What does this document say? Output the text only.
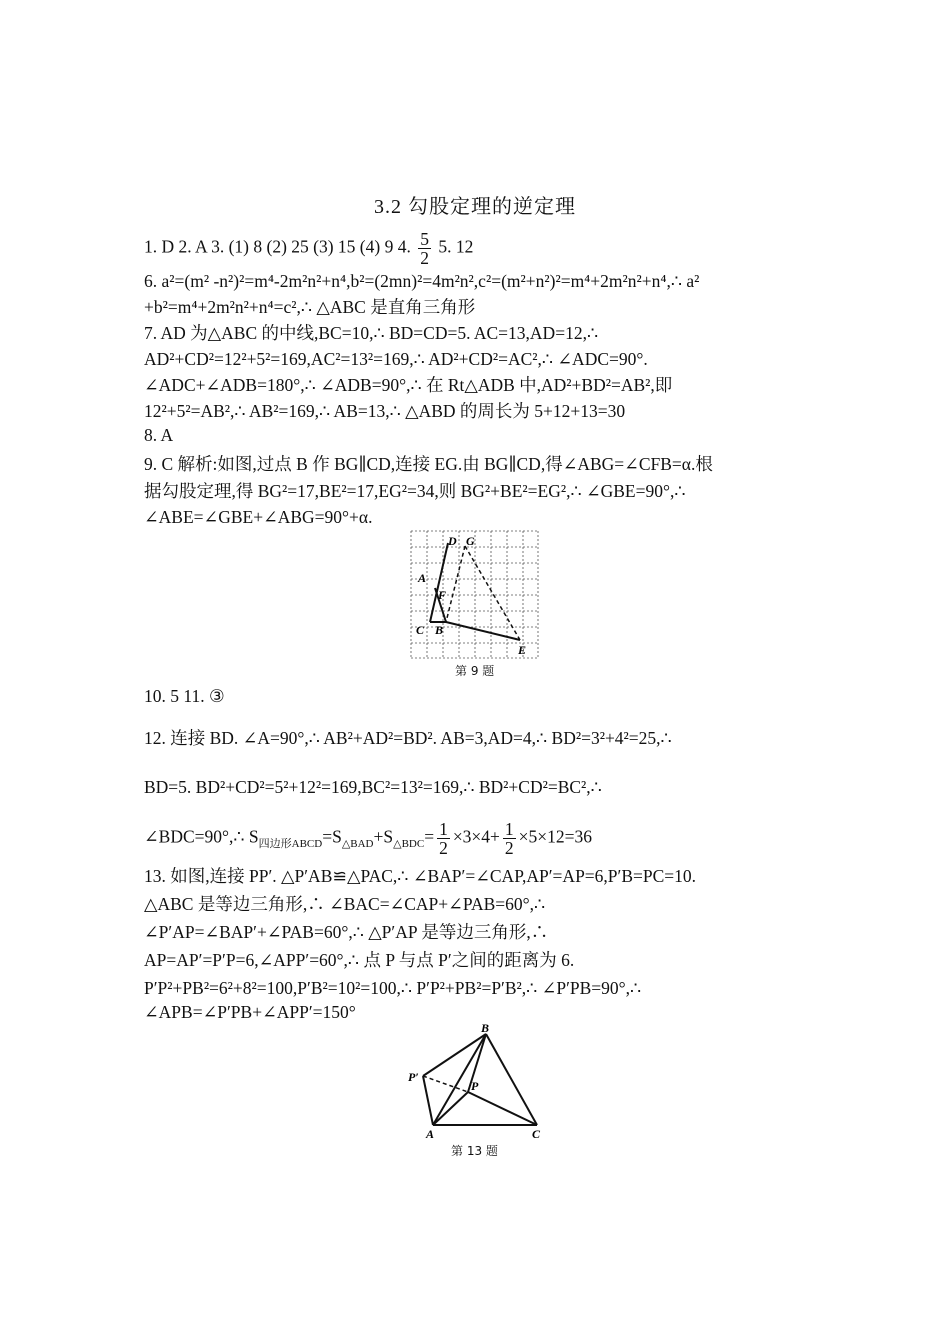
3.2 勾股定理的逆定理
1. D 2. A 3. (1) 8 (2) 25 (3) 15 (4) 9 4. $\frac{5}{2} 5$. 12
6. a²=(m² -n²)²=m⁴-2m²n²+n⁴,b²=(2mn)²=4m²n²,c²=(m²+n²)²=m⁴+2m²n²+n⁴,∴ a²
+b²=m⁴+2m²n²+n⁴=c²,∴ △ABC 是直角三角形
7. AD 为△ABC 的中线,BC=10,∴ BD=CD=5. AC=13,AD=12,∴
AD²+CD²=12²+5²=169,AC²=13²=169,∴ AD²+CD²=AC²,∴ ∠ADC=90°.
∠ADC+∠ADB=180°,∴ ∠ADB=90°,∴ 在 Rt△ADB 中,AD²+BD²=AB²,即
12²+5²=AB²,∴ AB²=169,∴ AB=13,∴ △ABD 的周长为 5+12+13=30
8. A
9. C 解析:如图,过点 B 作 BG∥CD,连接 EG.由 BG∥CD,得∠ABG=∠CFB=α.根
据勾股定理,得 BG²=17,BE²=17,EG²=34,则 BG²+BE²=EG²,∴ ∠GBE=90°,∴
∠ABE=∠GBE+∠ABG=90°+α.
D G
A
F
C B
E
第 9 题
10. 5 11. ③
12. 连接 BD. ∠A=90°,∴ AB²+AD²=BD². AB=3,AD=4,∴ BD²=3²+4²=25,∴
BD=5. BD²+CD²=5²+12²=169,BC²=13²=169,∴ BD²+CD²=BC²,∴
∠BDC=90°,∴ $S_{四边形ABCD}=S_{\triangle BAD}+S_{\triangle BDC}= \frac{1}{2} \times 3\times 4+ \frac{1}{2} \times 5\times 12=36$
13. 如图,连接 PP′. △P′AB≌△PAC,∴ ∠BAP′=∠CAP,AP′=AP=6,P′B=PC=10.
△ABC 是等边三角形,∴ ∠BAC=∠CAP+∠PAB=60°,∴
∠P′AP=∠BAP′+∠PAB=60°,∴ △P′AP 是等边三角形,∴
AP=AP′=P′P=6,∠APP′=60°,∴ 点 P 与点 P′之间的距离为 6.
P′P²+PB²=6²+8²=100,P′B²=10²=100,∴ P′P²+PB²=P′B²,∴ ∠P′PB=90°,∴
∠APB=∠P′PB+∠APP′=150°
B
P′
P
A	C
第 13 题
